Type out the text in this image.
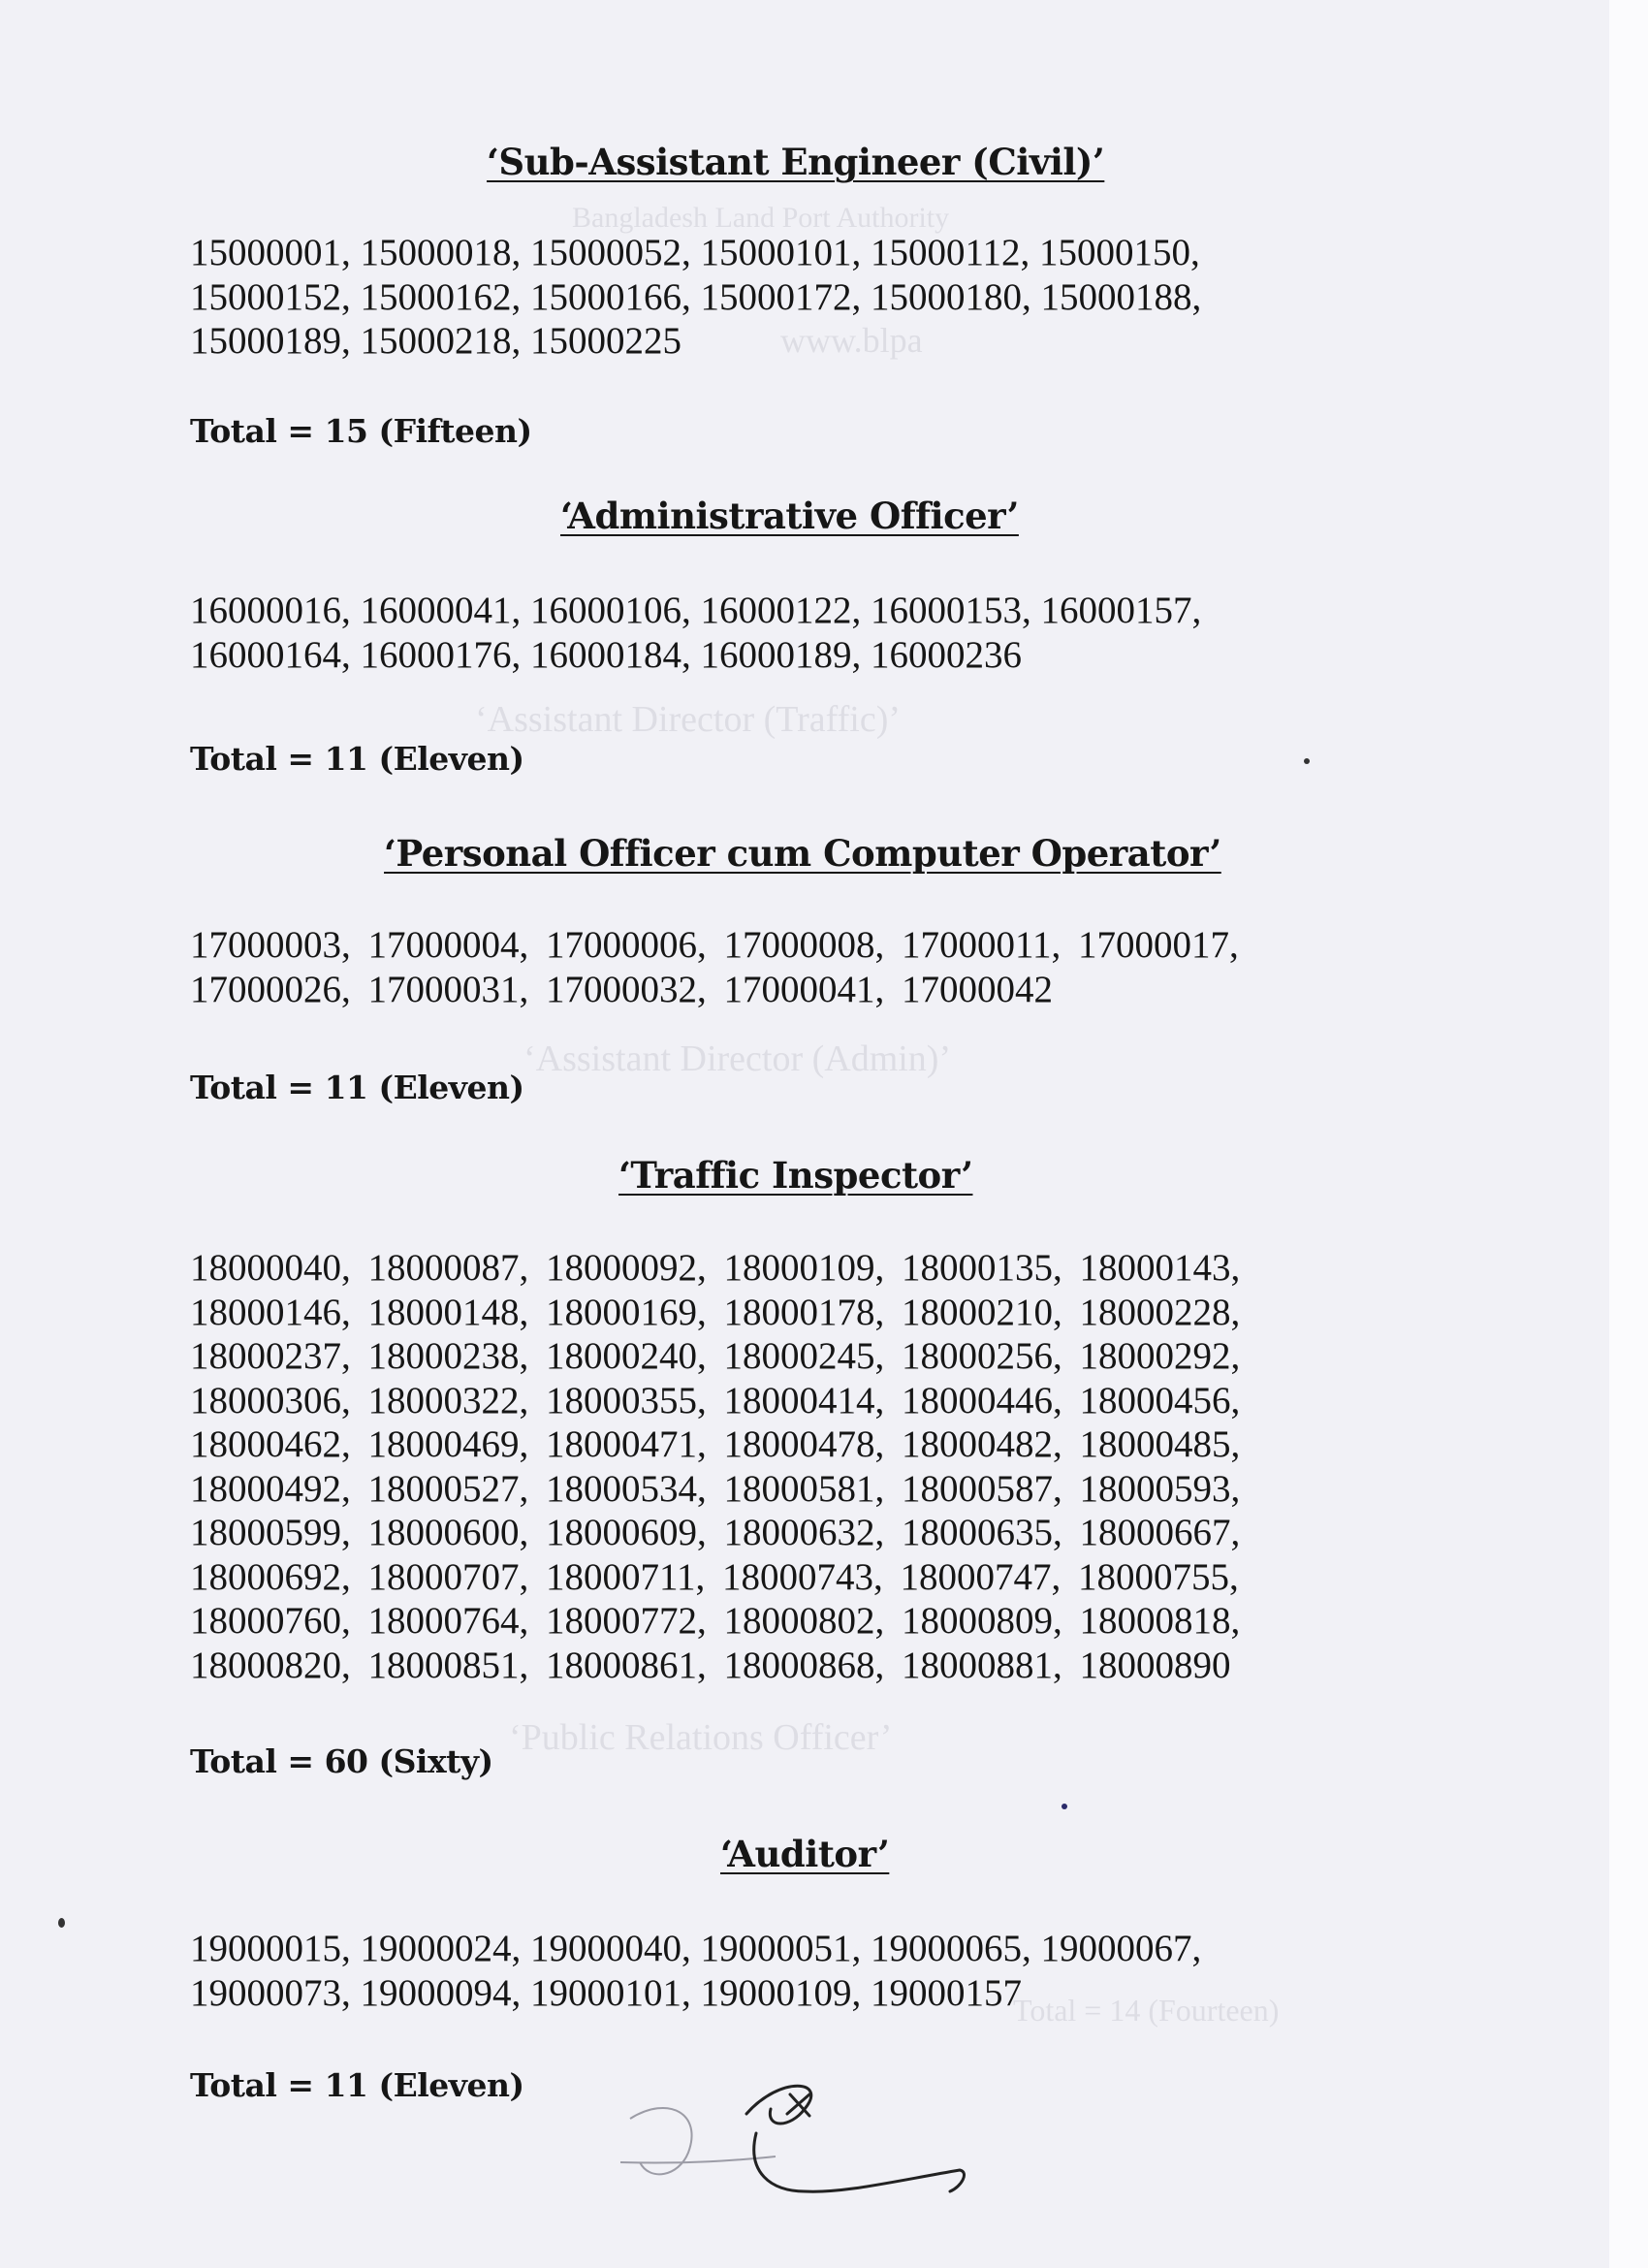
Bangladesh Land Port Authority
www.blpa
‘Assistant Director (Traffic)’
‘Assistant Director (Admin)’
‘Public Relations Officer’
Total = 14 (Fourteen)
‘Sub-Assistant Engineer (Civil)’
15000001, 15000018, 15000052, 15000101, 15000112, 15000150,
15000152, 15000162, 15000166, 15000172, 15000180, 15000188,
15000189, 15000218, 15000225
Total = 15 (Fifteen)
‘Administrative Officer’
16000016, 16000041, 16000106, 16000122, 16000153, 16000157,
16000164, 16000176, 16000184, 16000189, 16000236
Total = 11 (Eleven)
‘Personal Officer cum Computer Operator’
17000003, 17000004, 17000006, 17000008, 17000011, 17000017,
17000026, 17000031, 17000032, 17000041, 17000042
Total = 11 (Eleven)
‘Traffic Inspector’
18000040, 18000087, 18000092, 18000109, 18000135, 18000143,
18000146, 18000148, 18000169, 18000178, 18000210, 18000228,
18000237, 18000238, 18000240, 18000245, 18000256, 18000292,
18000306, 18000322, 18000355, 18000414, 18000446, 18000456,
18000462, 18000469, 18000471, 18000478, 18000482, 18000485,
18000492, 18000527, 18000534, 18000581, 18000587, 18000593,
18000599, 18000600, 18000609, 18000632, 18000635, 18000667,
18000692, 18000707, 18000711, 18000743, 18000747, 18000755,
18000760, 18000764, 18000772, 18000802, 18000809, 18000818,
18000820, 18000851, 18000861, 18000868, 18000881, 18000890
Total = 60 (Sixty)
‘Auditor’
19000015, 19000024, 19000040, 19000051, 19000065, 19000067,
19000073, 19000094, 19000101, 19000109, 19000157
Total = 11 (Eleven)
